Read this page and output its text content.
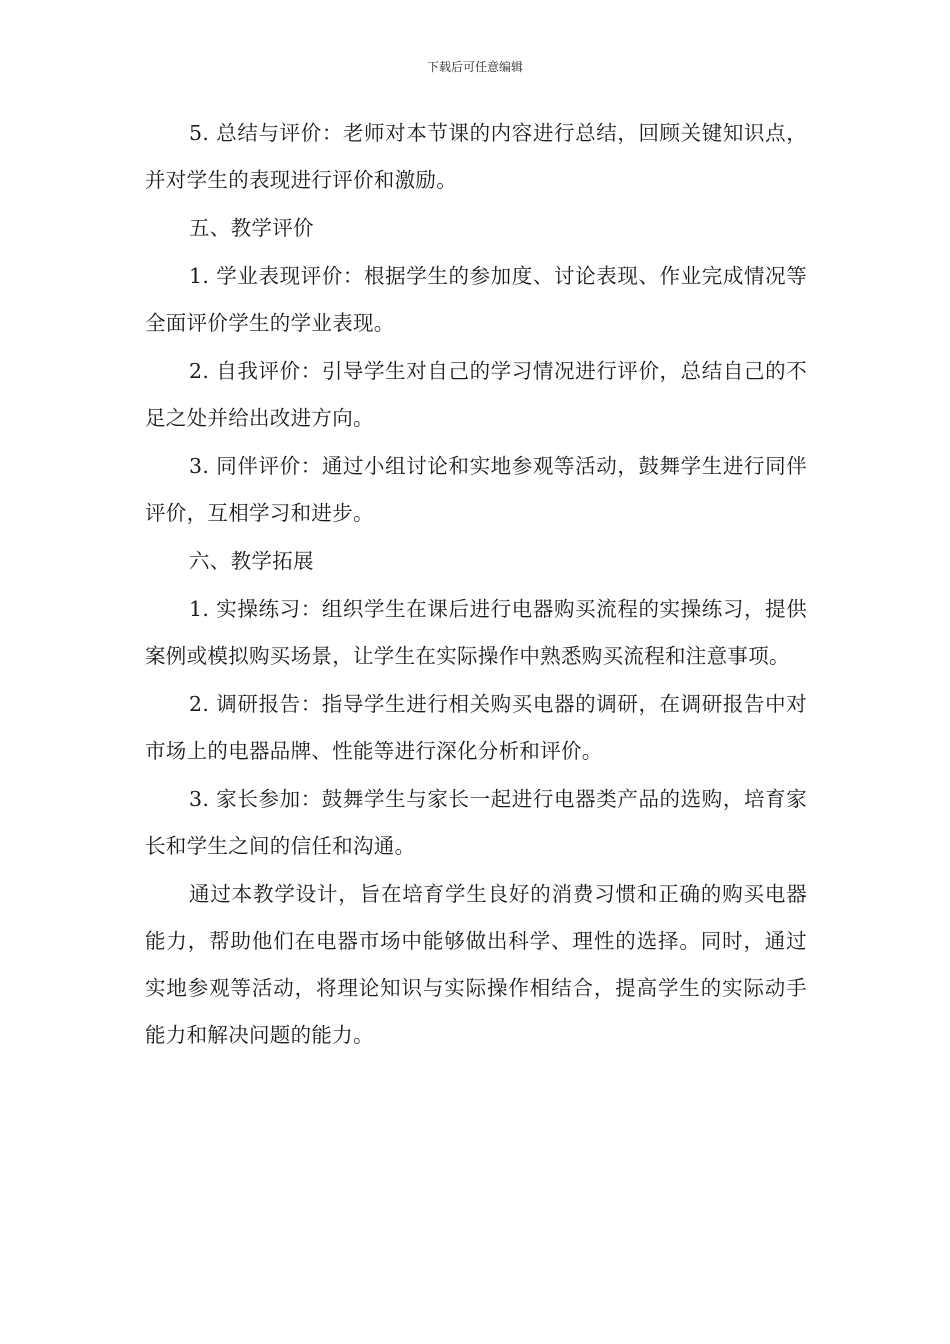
下载后可任意编辑

5. 总结与评价：老师对本节课的内容进行总结，回顾关键知识点，并对学生的表现进行评价和激励。

五、教学评价

1. 学业表现评价：根据学生的参加度、讨论表现、作业完成情况等全面评价学生的学业表现。

2. 自我评价：引导学生对自己的学习情况进行评价，总结自己的不足之处并给出改进方向。

3. 同伴评价：通过小组讨论和实地参观等活动，鼓舞学生进行同伴评价，互相学习和进步。

六、教学拓展

1. 实操练习：组织学生在课后进行电器购买流程的实操练习，提供案例或模拟购买场景，让学生在实际操作中熟悉购买流程和注意事项。

2. 调研报告：指导学生进行相关购买电器的调研，在调研报告中对市场上的电器品牌、性能等进行深化分析和评价。

3. 家长参加：鼓舞学生与家长一起进行电器类产品的选购，培育家长和学生之间的信任和沟通。

通过本教学设计，旨在培育学生良好的消费习惯和正确的购买电器能力，帮助他们在电器市场中能够做出科学、理性的选择。同时，通过实地参观等活动，将理论知识与实际操作相结合，提高学生的实际动手能力和解决问题的能力。
